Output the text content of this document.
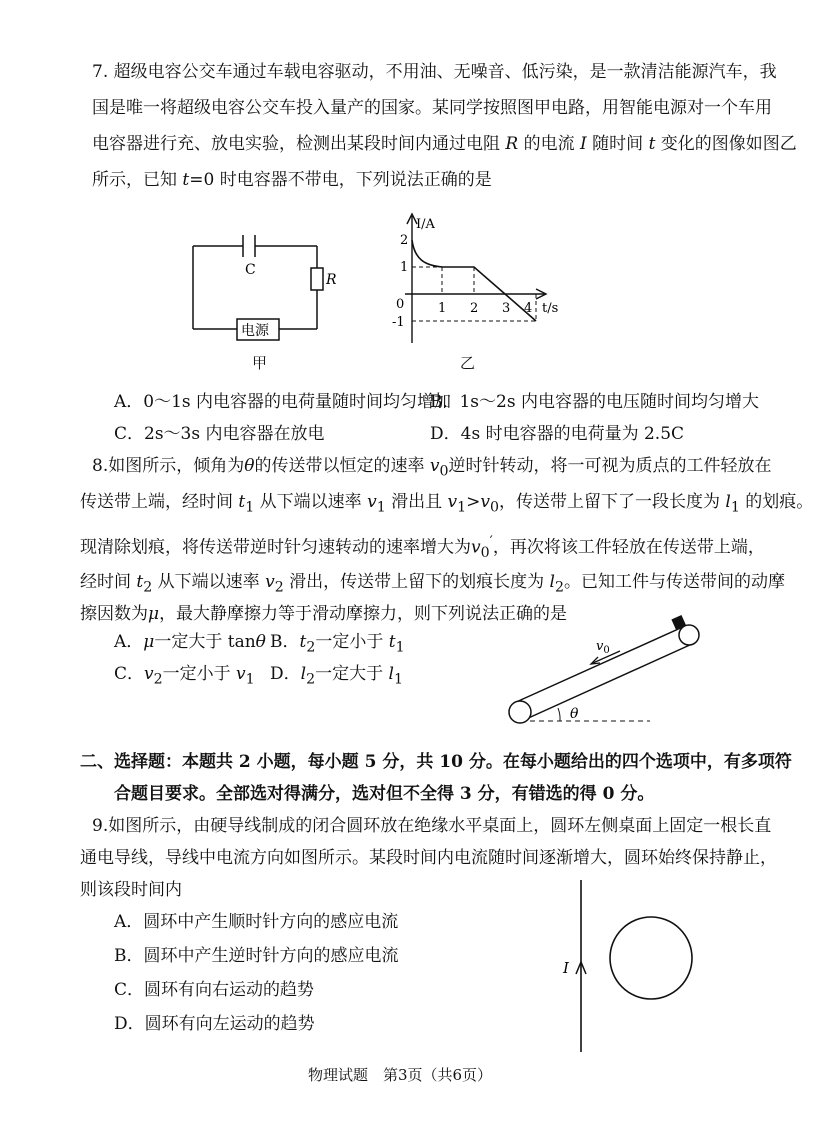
7. 超级电容公交车通过车载电容驱动，不用油、无噪音、低污染，是一款清洁能源汽车，我
国是唯一将超级电容公交车投入量产的国家。某同学按照图甲电路，用智能电源对一个车用
电容器进行充、放电实验，检测出某段时间内通过电阻 R 的电流 I 随时间 t 变化的图像如图乙
所示，已知 t=0 时电容器不带电，下列说法正确的是
C
R
电源
甲
I/A
t/s
0
2
1
-1
1 2 3 4
乙
A．0～1s 内电容器的电荷量随时间均匀增加
B．1s～2s 内电容器的电压随时间均匀增大
C．2s～3s 内电容器在放电	D．4s 时电容器的电荷量为 2.5C
8.如图所示，倾角为θ的传送带以恒定的速率 $v_0$逆时针转动，将一可视为质点的工件轻放在
传送带上端，经时间 $t_1$ 从下端以速率 $v_1$ 滑出且 $v_1>v_0$，传送带上留下了一段长度为 $l_1$ 的划痕。
现清除划痕，将传送带逆时针匀速转动的速率增大为$v_0'$，再次将该工件轻放在传送带上端，
经时间 $t_2$ 从下端以速率 $v_2$ 滑出，传送带上留下的划痕长度为 $l_2$。已知工件与传送带间的动摩
擦因数为μ，最大静摩擦力等于滑动摩擦力，则下列说法正确的是
A．μ一定大于 tanθ B．$t_2$一定小于 $t_1$
C．$v_2$一定小于 $v_1$ D．$l_2$一定大于 $l_1$
$v_0$
θ
二、选择题：本题共 2 小题，每小题 5 分，共 10 分。在每小题给出的四个选项中，有多项符
合题目要求。全部选对得满分，选对但不全得 3 分，有错选的得 0 分。
9.如图所示，由硬导线制成的闭合圆环放在绝缘水平桌面上，圆环左侧桌面上固定一根长直
通电导线，导线中电流方向如图所示。某段时间内电流随时间逐渐增大，圆环始终保持静止，
则该段时间内
A．圆环中产生顺时针方向的感应电流
B．圆环中产生逆时针方向的感应电流
C．圆环有向右运动的趋势
D．圆环有向左运动的趋势
I
物理试题　第3页（共6页）
